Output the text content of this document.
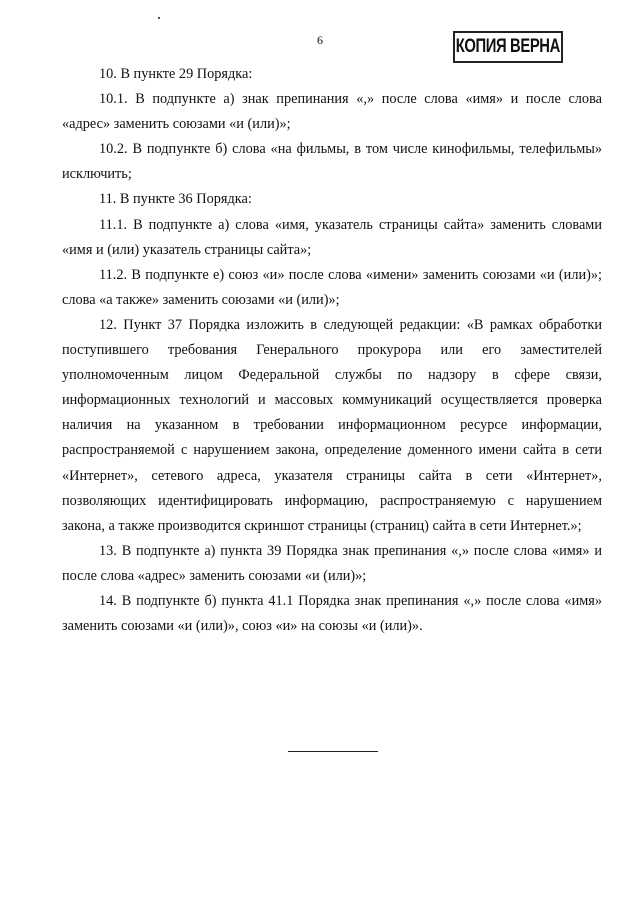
6	КОПИЯ ВЕРНА

10. В пункте 29 Порядка:

10.1. В подпункте а) знак препинания «,» после слова «имя» и после слова «адрес» заменить союзами «и (или)»;

10.2. В подпункте б) слова «на фильмы, в том числе кинофильмы, телефильмы» исключить;

11. В пункте 36 Порядка:

11.1. В подпункте а) слова «имя, указатель страницы сайта» заменить словами «имя и (или) указатель страницы сайта»;

11.2. В подпункте е) союз «и» после слова «имени» заменить союзами «и (или)»; слова «а также» заменить союзами «и (или)»;

12. Пункт 37 Порядка изложить в следующей редакции: «В рамках обработки поступившего требования Генерального прокурора или его заместителей уполномоченным лицом Федеральной службы по надзору в сфере связи, информационных технологий и массовых коммуникаций осуществляется проверка наличия на указанном в требовании информационном ресурсе информации, распространяемой с нарушением закона, определение доменного имени сайта в сети «Интернет», сетевого адреса, указателя страницы сайта в сети «Интернет», позволяющих идентифицировать информацию, распространяемую с нарушением закона, а также производится скриншот страницы (страниц) сайта в сети Интернет.»;

13. В подпункте а) пункта 39 Порядка знак препинания «,» после слова «имя» и после слова «адрес» заменить союзами «и (или)»;

14. В подпункте б) пункта 41.1 Порядка знак препинания «,» после слова «имя» заменить союзами «и (или)», союз «и» на союзы «и (или)».
